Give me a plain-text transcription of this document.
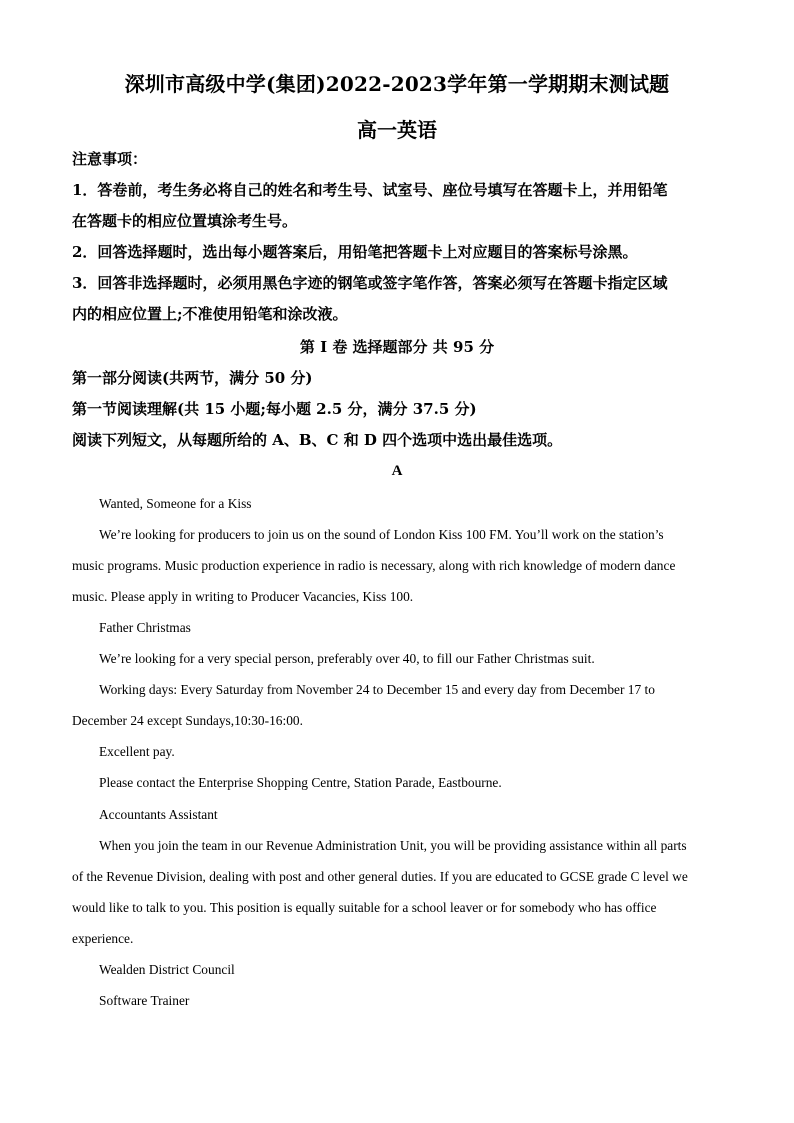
深圳市高级中学(集团)2022-2023学年第一学期期末测试题
高一英语
注意事项：
1．答卷前，考生务必将自己的姓名和考生号、试室号、座位号填写在答题卡上，并用铅笔
在答题卡的相应位置填涂考生号。
2．回答选择题时，选出每小题答案后，用铅笔把答题卡上对应题目的答案标号涂黑。
3．回答非选择题时，必须用黑色字迹的钢笔或签字笔作答，答案必须写在答题卡指定区域
内的相应位置上;不准使用铅笔和涂改液。
第 I 卷 选择题部分 共 95 分
第一部分阅读(共两节，满分 50 分)
第一节阅读理解(共 15 小题;每小题 2.5 分，满分 37.5 分)
阅读下列短文，从每题所给的 A、B、C 和 D 四个选项中选出最佳选项。
A
Wanted, Someone for a Kiss
We’re looking for producers to join us on the sound of London Kiss 100 FM. You’ll work on the station’s
music programs. Music production experience in radio is necessary, along with rich knowledge of modern dance
music. Please apply in writing to Producer Vacancies, Kiss 100.
Father Christmas
We’re looking for a very special person, preferably over 40, to fill our Father Christmas suit.
Working days: Every Saturday from November 24 to December 15 and every day from December 17 to
December 24 except Sundays,10:30-16:00.
Excellent pay.
Please contact the Enterprise Shopping Centre, Station Parade, Eastbourne.
Accountants Assistant
When you join the team in our Revenue Administration Unit, you will be providing assistance within all parts
of the Revenue Division, dealing with post and other general duties. If you are educated to GCSE grade C level we
would like to talk to you. This position is equally suitable for a school leaver or for somebody who has office
experience.
Wealden District Council
Software Trainer
